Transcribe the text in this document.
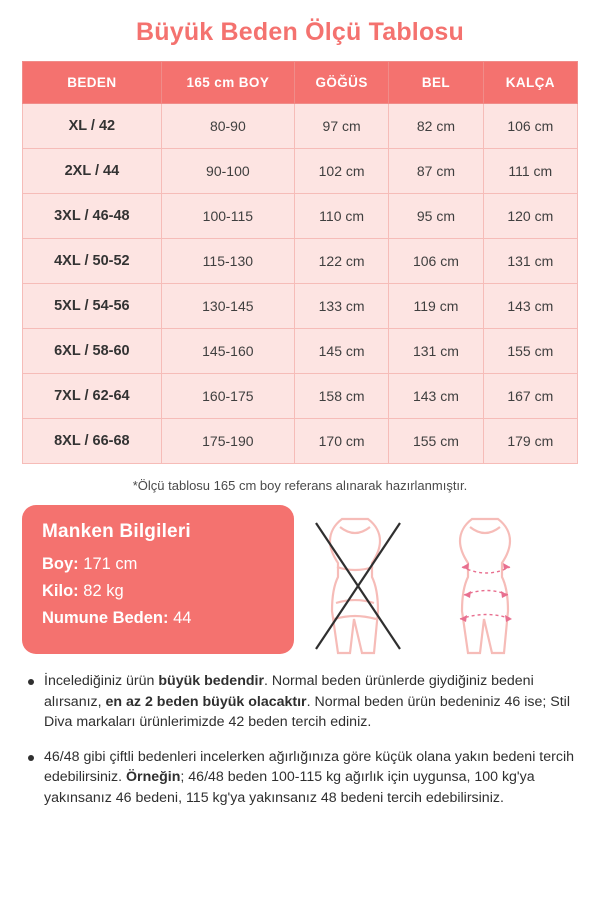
Büyük Beden Ölçü Tablosu
BEDEN	165 cm BOY	GÖĞÜS	BEL	KALÇA
XL / 42	80-90	97 cm	82 cm	106 cm
2XL / 44	90-100	102 cm	87 cm	111 cm
3XL / 46-48	100-115	110 cm	95 cm	120 cm
4XL / 50-52	115-130	122 cm	106 cm	131 cm
5XL / 54-56	130-145	133 cm	119 cm	143 cm
6XL / 58-60	145-160	145 cm	131 cm	155 cm
7XL / 62-64	160-175	158 cm	143 cm	167 cm
8XL / 66-68	175-190	170 cm	155 cm	179 cm
*Ölçü tablosu 165 cm boy referans alınarak hazırlanmıştır.
Manken Bilgileri
Boy: 171 cm
Kilo: 82 kg
Numune Beden: 44

İncelediğiniz ürün büyük bedendir. Normal beden ürünlerde giydiğiniz bedeni alırsanız, en az 2 beden büyük olacaktır. Normal beden ürün bedeniniz 46 ise; Stil Diva markaları ürünlerimizde 42 beden tercih ediniz.

46/48 gibi çiftli bedenleri incelerken ağırlığınıza göre küçük olana yakın bedeni tercih edebilirsiniz. Örneğin; 46/48 beden 100-115 kg ağırlık için uygunsa, 100 kg'ya yakınsanız 46 bedeni, 115 kg'ya yakınsanız 48 bedeni tercih edebilirsiniz.
